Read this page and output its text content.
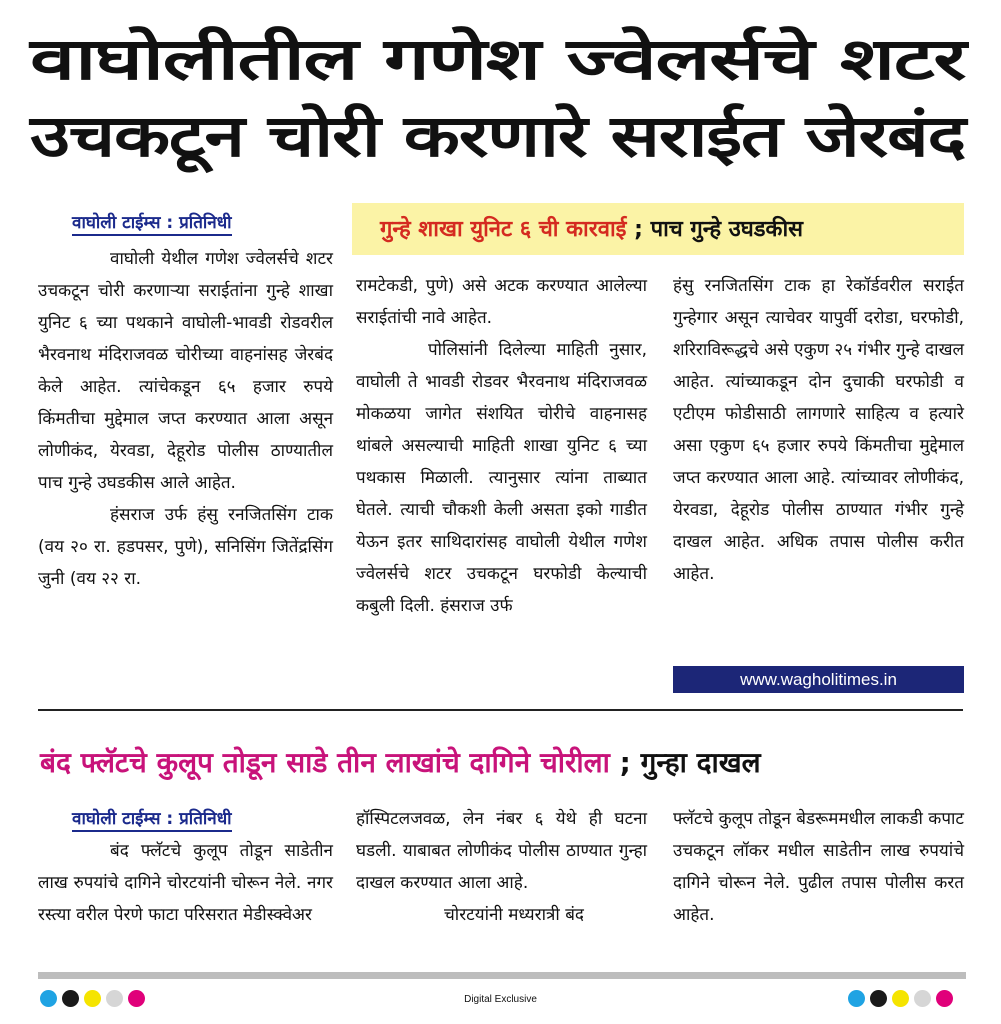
वाघोलीतील गणेश ज्वेलर्सचे शटर
उचकटून चोरी करणारे सराईत जेरबंद
वाघोली टाईम्स : प्रतिनिधी	गुन्हे शाखा युनिट ६ ची कारवाई ; पाच गुन्हे उघडकीस

वाघोली येथील गणेश ज्वेलर्सचे शटर उचकटून चोरी करणाऱ्या सराईतांना गुन्हे शाखा युनिट ६ च्या पथकाने वाघोली-भावडी रोडवरील भैरवनाथ मंदिराजवळ चोरीच्या वाहनांसह जेरबंद केले आहेत. त्यांचेकडून ६५ हजार रुपये किंमतीचा मुद्देमाल जप्त करण्यात आला असून लोणीकंद, येरवडा, देहूरोड पोलीस ठाण्यातील पाच गुन्हे उघडकीस आले आहेत.

हंसराज उर्फ हंसु रनजितसिंग टाक (वय २० रा. हडपसर, पुणे), सनिसिंग जितेंद्रसिंग जुनी (वय २२ रा.

रामटेकडी, पुणे) असे अटक करण्यात आलेल्या सराईतांची नावे आहेत.

पोलिसांनी दिलेल्या माहिती नुसार, वाघोली ते भावडी रोडवर भैरवनाथ मंदिराजवळ मोकळया जागेत संशयित चोरीचे वाहनासह थांबले असल्याची माहिती शाखा युनिट ६ च्या पथकास मिळाली. त्यानुसार त्यांना ताब्यात घेतले. त्याची चौकशी केली असता इको गाडीत येऊन इतर साथिदारांसह वाघोली येथील गणेश ज्वेलर्सचे शटर उचकटून घरफोडी केल्याची कबुली दिली. हंसराज उर्फ

हंसु रनजितसिंग टाक हा रेकॉर्डवरील सराईत गुन्हेगार असून त्याचेवर यापुर्वी दरोडा, घरफोडी, शरिराविरूद्धचे असे एकुण २५ गंभीर गुन्हे दाखल आहेत. त्यांच्याकडून दोन दुचाकी घरफोडी व एटीएम फोडीसाठी लागणारे साहित्य व हत्यारे असा एकुण ६५ हजार रुपये किंमतीचा मुद्देमाल जप्त करण्यात आला आहे. त्यांच्यावर लोणीकंद, येरवडा, देहूरोड पोलीस ठाण्यात गंभीर गुन्हे दाखल आहेत. अधिक तपास पोलीस करीत आहेत.

www.wagholitimes.in
बंद फ्लॅटचे कुलूप तोडून साडे तीन लाखांचे दागिने चोरीला ; गुन्हा दाखल
वाघोली टाईम्स : प्रतिनिधी

बंद फ्लॅटचे कुलूप तोडून साडेतीन लाख रुपयांचे दागिने चोरटयांनी चोरून नेले. नगर रस्त्या वरील पेरणे फाटा परिसरात मेडीस्क्वेअर

हॉस्पिटलजवळ, लेन नंबर ६ येथे ही घटना घडली. याबाबत लोणीकंद पोलीस ठाण्यात गुन्हा दाखल करण्यात आला आहे.

चोरटयांनी मध्यरात्री बंद

फ्लॅटचे कुलूप तोडून बेडरूममधील लाकडी कपाट उचकटून लॉकर मधील साडेतीन लाख रुपयांचे दागिने चोरून नेले. पुढील तपास पोलीस करत आहेत.

Digital Exclusive
